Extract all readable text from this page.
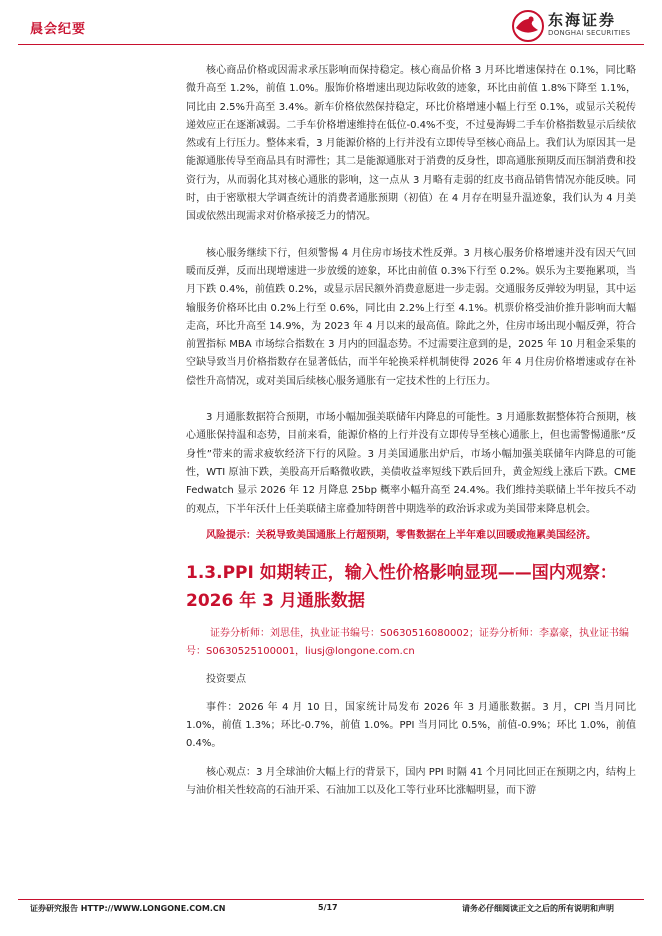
晨会纪要
东海证券
DONGHAI SECURITIES

核心商品价格或因需求承压影响而保持稳定。核心商品价格 3 月环比增速保持在 0.1%，同比略微升高至 1.2%，前值 1.0%。服饰价格增速出现边际收敛的迹象，环比由前值 1.8%下降至 1.1%，同比由 2.5%升高至 3.4%。新车价格依然保持稳定，环比价格增速小幅上行至 0.1%，或显示关税传递效应正在逐渐减弱。二手车价格增速维持在低位-0.4%不变，不过曼海姆二手车价格指数显示后续依然或有上行压力。整体来看，3 月能源价格的上行并没有立即传导至核心商品上。我们认为原因其一是能源通胀传导至商品具有时滞性；其二是能源通胀对于消费的反身性，即高通胀预期反而压制消费和投资行为，从而弱化其对核心通胀的影响，这一点从 3 月略有走弱的红皮书商品销售情况亦能反映。同时，由于密歇根大学调查统计的消费者通胀预期（初值）在 4 月存在明显升温迹象，我们认为 4 月美国或依然出现需求对价格承接乏力的情况。

核心服务继续下行，但须警惕 4 月住房市场技术性反弹。3 月核心服务价格增速并没有因天气回暖而反弹，反而出现增速进一步放缓的迹象，环比由前值 0.3%下行至 0.2%。娱乐为主要拖累项，当月下跌 0.4%，前值跌 0.2%，或显示居民额外消费意愿进一步走弱。交通服务反弹较为明显，其中运输服务价格环比由 0.2%上行至 0.6%，同比由 2.2%上行至 4.1%。机票价格受油价推升影响而大幅走高，环比升高至 14.9%，为 2023 年 4 月以来的最高值。除此之外，住房市场出现小幅反弹，符合前置指标 MBA 市场综合指数在 3 月内的回温态势。不过需要注意到的是，2025 年 10 月租金采集的空缺导致当月价格指数存在显著低估，而半年轮换采样机制使得 2026 年 4 月住房价格增速或存在补偿性升高情况，或对美国后续核心服务通胀有一定技术性的上行压力。

3 月通胀数据符合预期，市场小幅加强美联储年内降息的可能性。3 月通胀数据整体符合预期，核心通胀保持温和态势，目前来看，能源价格的上行并没有立即传导至核心通胀上，但也需警惕通胀“反身性”带来的需求疲软经济下行的风险。3 月美国通胀出炉后，市场小幅加强美联储年内降息的可能性，WTI 原油下跌，美股高开后略微收跌，美债收益率短线下跌后回升，黄金短线上涨后下跌。CME Fedwatch 显示 2026 年 12 月降息 25bp 概率小幅升高至 24.4%。我们维持美联储上半年按兵不动的观点，下半年沃什上任美联储主席叠加特朗普中期选举的政治诉求或为美国带来降息机会。

风险提示：关税导致美国通胀上行超预期，零售数据在上半年难以回暖或拖累美国经济。

1.3.PPI 如期转正，输入性价格影响显现——国内观察：2026 年 3 月通胀数据

证券分析师：刘思佳，执业证书编号：S0630516080002；证券分析师：李嘉豪，执业证书编号：S0630525100001，liusj@longone.com.cn

投资要点

事件：2026 年 4 月 10 日，国家统计局发布 2026 年 3 月通胀数据。3 月，CPI 当月同比 1.0%，前值 1.3%；环比-0.7%，前值 1.0%。PPI 当月同比 0.5%，前值-0.9%；环比 1.0%，前值 0.4%。

核心观点：3 月全球油价大幅上行的背景下，国内 PPI 时隔 41 个月同比回正在预期之内，结构上与油价相关性较高的石油开采、石油加工以及化工等行业环比涨幅明显，而下游

证券研究报告 HTTP://WWW.LONGONE.COM.CN	5/17	请务必仔细阅读正文之后的所有说明和声明
